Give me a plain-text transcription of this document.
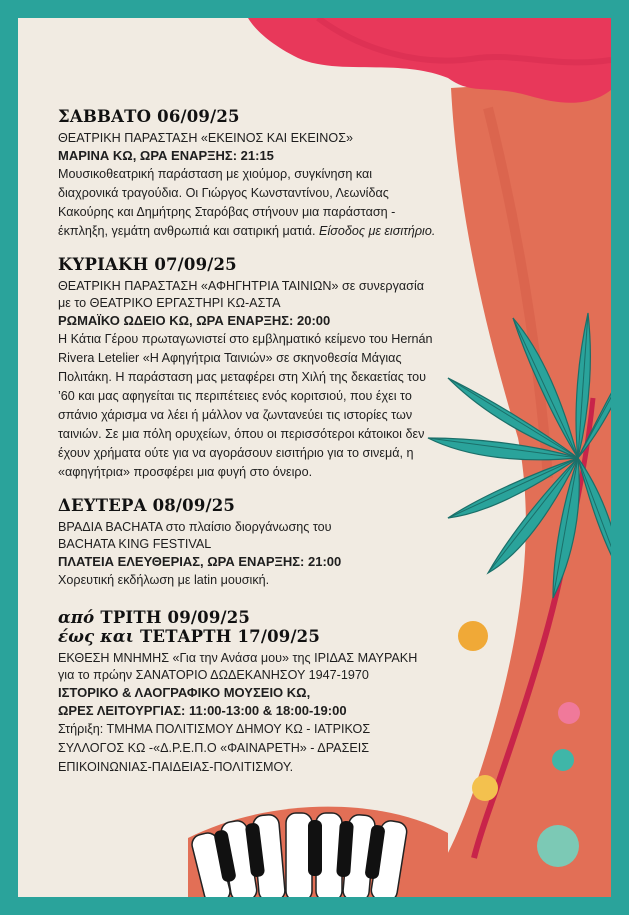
ΣΑΒΒΑΤΟ 06/09/25
ΘΕΑΤΡΙΚΗ ΠΑΡΑΣΤΑΣΗ «ΕΚΕΙΝΟΣ ΚΑΙ ΕΚΕΙΝΟΣ»
ΜΑΡΙΝΑ ΚΩ, ΩΡΑ ΕΝΑΡΞΗΣ: 21:15
Μουσικοθεατρική παράσταση με χιούμορ, συγκίνηση και
διαχρονικά τραγούδια. Οι Γιώργος Κωνσταντίνου, Λεωνίδας
Κακούρης και Δημήτρης Σταρόβας στήνουν μια παράσταση -
έκπληξη, γεμάτη ανθρωπιά και σατιρική ματιά. Είσοδος με εισιτήριο.
ΚΥΡΙΑΚΗ 07/09/25
ΘΕΑΤΡΙΚΗ ΠΑΡΑΣΤΑΣΗ «ΑΦΗΓΗΤΡΙΑ ΤΑΙΝΙΩΝ» σε συνεργασία
με το ΘΕΑΤΡΙΚΟ ΕΡΓΑΣΤΗΡΙ ΚΩ-ΑΣΤΑ
ΡΩΜΑΪΚΟ ΩΔΕΙΟ ΚΩ, ΩΡΑ ΕΝΑΡΞΗΣ: 20:00
Η Κάτια Γέρου πρωταγωνιστεί στο εμβληματικό κείμενο του Hernán
Rivera Letelier «Η Αφηγήτρια Ταινιών» σε σκηνοθεσία Μάγιας
Πολιτάκη. Η παράσταση μας μεταφέρει στη Χιλή της δεκαετίας του
’60 και μας αφηγείται τις περιπέτειες ενός κοριτσιού, που έχει το
σπάνιο χάρισμα να λέει ή μάλλον να ζωντανεύει τις ιστορίες των
ταινιών. Σε μια πόλη ορυχείων, όπου οι περισσότεροι κάτοικοι δεν
έχουν χρήματα ούτε για να αγοράσουν εισιτήριο για το σινεμά, η
«αφηγήτρια» προσφέρει μια φυγή στο όνειρο.
ΔΕΥΤΕΡΑ 08/09/25
ΒΡΑΔΙΑ BACHATA στο πλαίσιο διοργάνωσης του
BACHATA KING FESTIVAL
ΠΛΑΤΕΙΑ ΕΛΕΥΘΕΡΙΑΣ, ΩΡΑ ΕΝΑΡΞΗΣ: 21:00
Χορευτική εκδήλωση με latin μουσική.
από ΤΡΙΤΗ 09/09/25
έως και ΤΕΤΑΡΤΗ 17/09/25
ΕΚΘΕΣΗ ΜΝΗΜΗΣ «Για την Ανάσα μου» της ΙΡΙΔΑΣ ΜΑΥΡΑΚΗ
για το πρώην ΣΑΝΑΤΟΡΙΟ ΔΩΔΕΚΑΝΗΣΟΥ 1947-1970
ΙΣΤΟΡΙΚΟ & ΛΑΟΓΡΑΦΙΚΟ ΜΟΥΣΕΙΟ ΚΩ,
ΩΡΕΣ ΛΕΙΤΟΥΡΓΙΑΣ: 11:00-13:00 & 18:00-19:00
Στήριξη: ΤΜΗΜΑ ΠΟΛΙΤΙΣΜΟΥ ΔΗΜΟΥ ΚΩ - ΙΑΤΡΙΚΟΣ
ΣΥΛΛΟΓΟΣ ΚΩ -«Δ.Ρ.Ε.Π.Ο «ΦΑΙΝΑΡΕΤΗ» - ΔΡΑΣΕΙΣ
ΕΠΙΚΟΙΝΩΝΙΑΣ-ΠΑΙΔΕΙΑΣ-ΠΟΛΙΤΙΣΜΟΥ.
